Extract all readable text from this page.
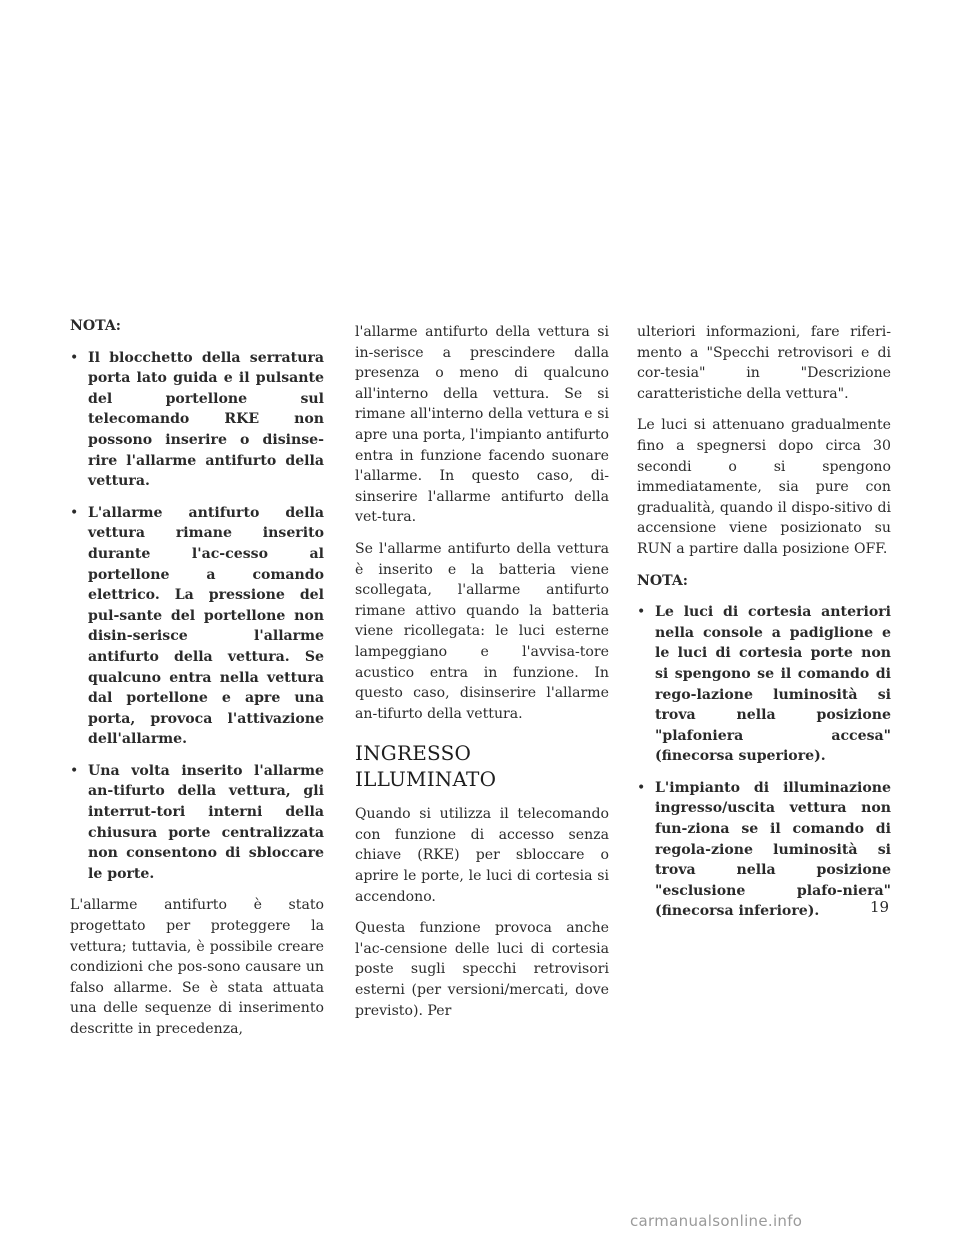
NOTA:
• Il blocchetto della serratura porta lato guida e il pulsante del portellone sul telecomando RKE non possono inserire o disinse-rire l'allarme antifurto della vettura.
• L'allarme antifurto della vettura rimane inserito durante l'ac-cesso al portellone a comando elettrico. La pressione del pul-sante del portellone non disin-serisce l'allarme antifurto della vettura. Se qualcuno entra nella vettura dal portellone e apre una porta, provoca l'attivazione dell'allarme.
• Una volta inserito l'allarme an-tifurto della vettura, gli interrut-tori interni della chiusura porte centralizzata non consentono di sbloccare le porte.

L'allarme antifurto è stato progettato per proteggere la vettura; tuttavia, è possibile creare condizioni che pos-sono causare un falso allarme. Se è stata attuata una delle sequenze di inserimento descritte in precedenza,

l'allarme antifurto della vettura si in-serisce a prescindere dalla presenza o meno di qualcuno all'interno della vettura. Se si rimane all'interno della vettura e si apre una porta, l'impianto antifurto entra in funzione facendo suonare l'allarme. In questo caso, di-sinserire l'allarme antifurto della vet-tura.

Se l'allarme antifurto della vettura è inserito e la batteria viene scollegata, l'allarme antifurto rimane attivo quando la batteria viene ricollegata: le luci esterne lampeggiano e l'avvisa-tore acustico entra in funzione. In questo caso, disinserire l'allarme an-tifurto della vettura.

INGRESSO ILLUMINATO

Quando si utilizza il telecomando con funzione di accesso senza chiave (RKE) per sbloccare o aprire le porte, le luci di cortesia si accendono.

Questa funzione provoca anche l'ac-censione delle luci di cortesia poste sugli specchi retrovisori esterni (per versioni/mercati, dove previsto). Per

ulteriori informazioni, fare riferi-mento a "Specchi retrovisori e di cor-tesia" in "Descrizione caratteristiche della vettura".

Le luci si attenuano gradualmente fino a spegnersi dopo circa 30 secondi o si spengono immediatamente, sia pure con gradualità, quando il dispo-sitivo di accensione viene posizionato su RUN a partire dalla posizione OFF.

NOTA:
• Le luci di cortesia anteriori nella console a padiglione e le luci di cortesia porte non si spengono se il comando di rego-lazione luminosità si trova nella posizione "plafoniera accesa" (finecorsa superiore).
• L'impianto di illuminazione ingresso/uscita vettura non fun-ziona se il comando di regola-zione luminosità si trova nella posizione "esclusione plafo-niera" (finecorsa inferiore).	19
carmanualsonline.info
